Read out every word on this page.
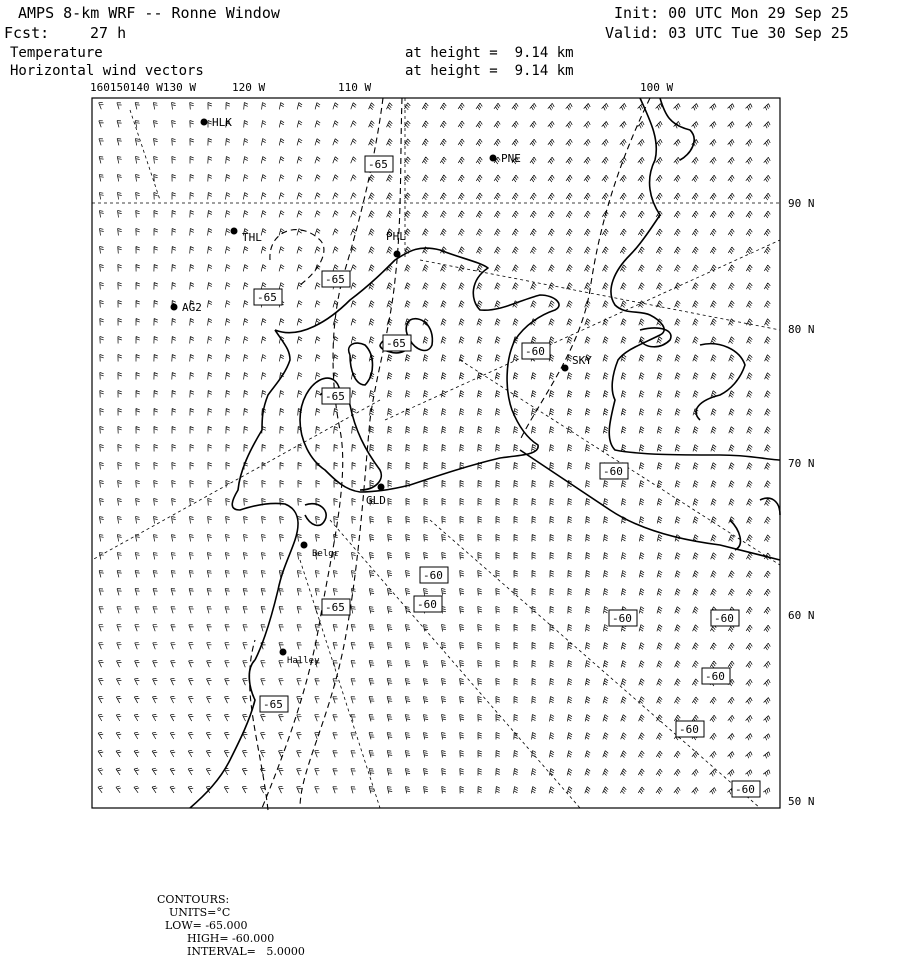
AMPS 8-km WRF -- Ronne Window	Init: 00 UTC Mon 29 Sep 25
Fcst:	27 h	Valid: 03 UTC Tue 30 Sep 25
Temperature
Horizontal wind vectors
at height =  9.14 km
at height =  9.14 km
160150140 W130 W	120 W	110 W	100 W
90 N
80 N
70 N
60 N
50 N
HLK
PNE
THL	PHL
AG2
SKY
GLD
Belgr
Halley
-65
-65
-65
-65
-65
-60
-60
-60
-60
-60	-60
-60
-60
-60
-65
-65

CONTOURS:
UNITS=°C
LOW= -65.000
HIGH= -60.000
INTERVAL=   5.0000
